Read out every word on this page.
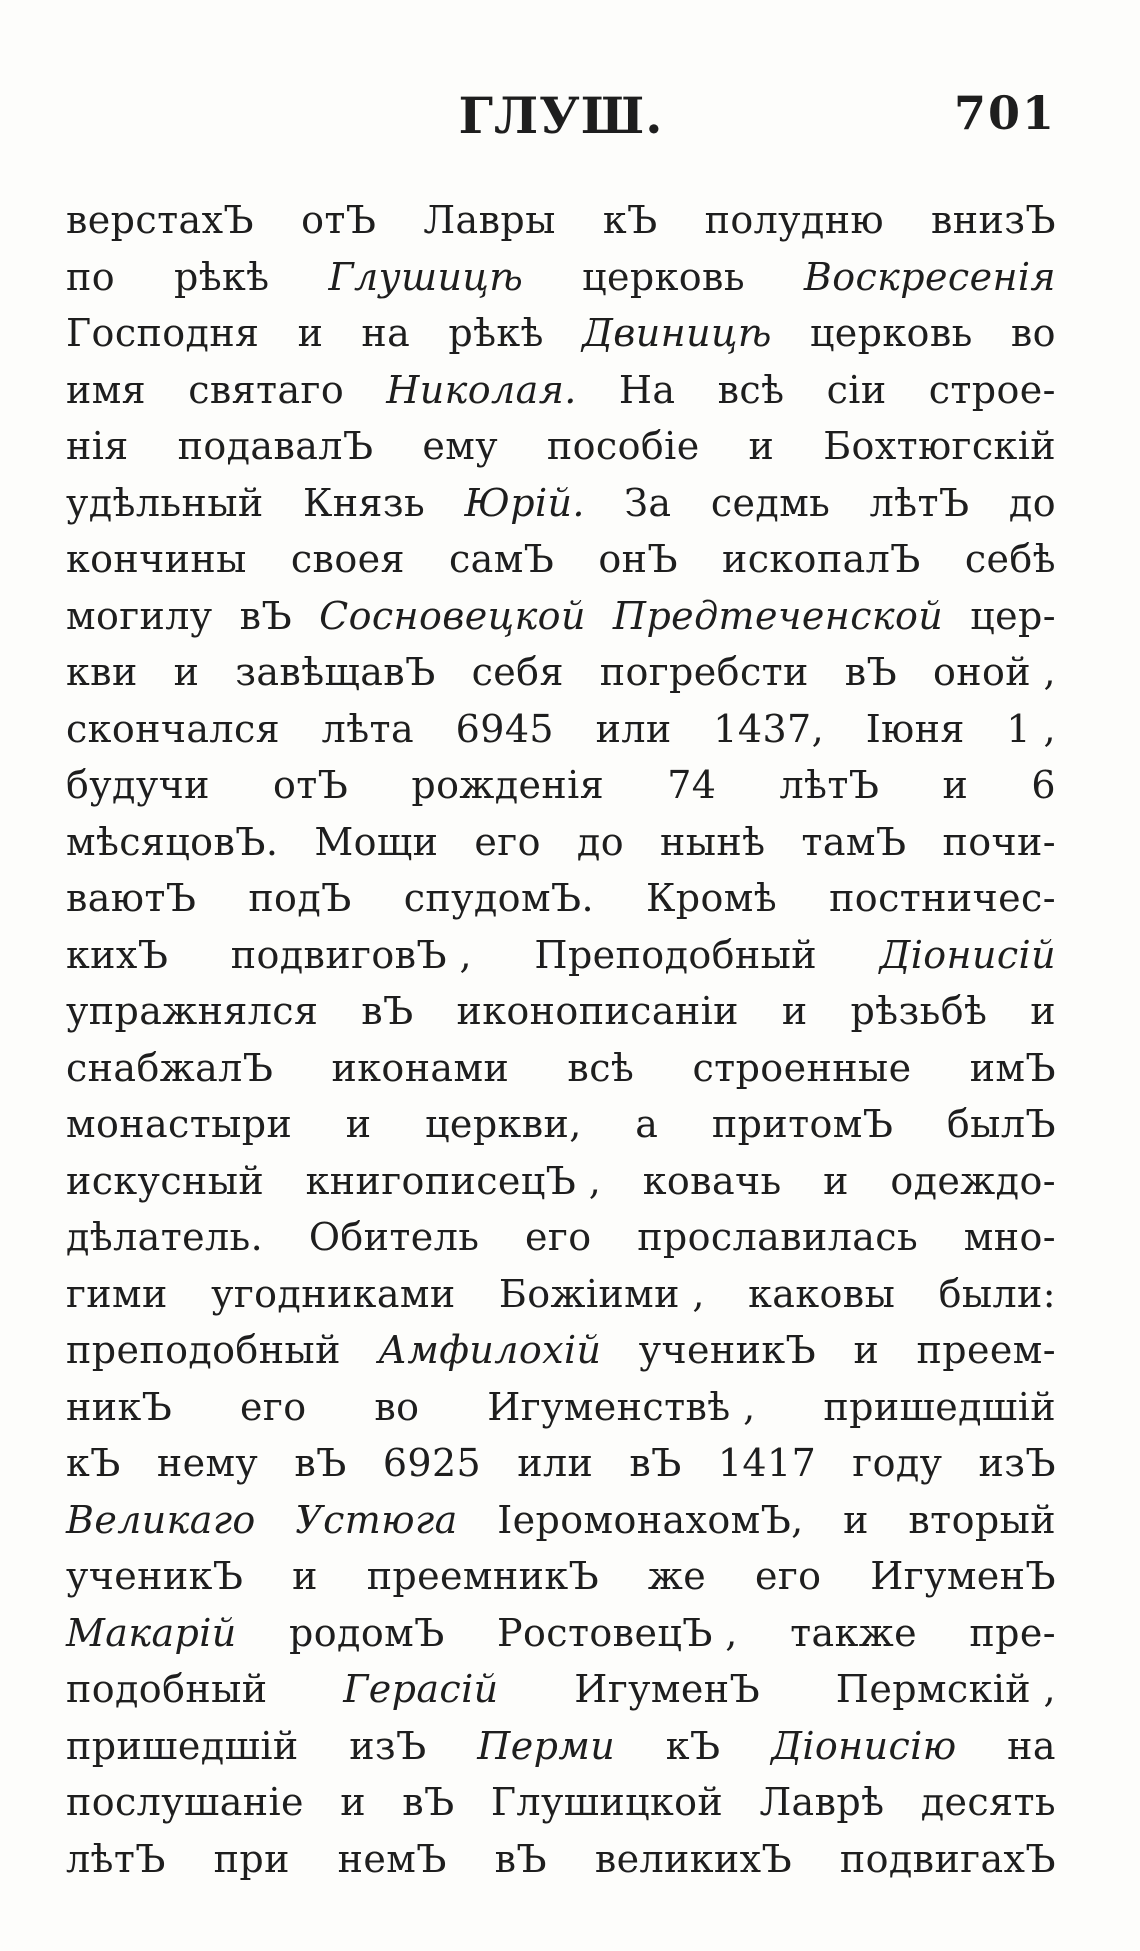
ГЛУШ.	701
верстахЪ отЪ Лавры кЪ полудню внизЪ
по рѣкѣ Глушицѣ церковь Воскресенія
Господня и на рѣкѣ Двиницѣ церковь во
имя святаго Николая. На всѣ сіи строе-
нія подавалЪ ему пособіе и Бохтюгскій
удѣльный Князь Юрій. За седмь лѣтЪ до
кончины своея самЪ онЪ ископалЪ себѣ
могилу вЪ Сосновецкой Предтеченской цер-
кви и завѣщавЪ себя погребсти вЪ оной ,
скончался лѣта 6945 или 1437, Іюня 1 ,
будучи отЪ рожденія 74 лѣтЪ и 6
мѣсяцовЪ. Мощи его до нынѣ тамЪ почи-
ваютЪ подЪ спудомЪ. Кромѣ постничес-
кихЪ подвиговЪ , Преподобный Діонисій
упражнялся вЪ иконописаніи и рѣзьбѣ и
снабжалЪ иконами всѣ строенные имЪ
монастыри и церкви, а притомЪ былЪ
искусный книгописецЪ , ковачь и одеждо-
дѣлатель. Обитель его прославилась мно-
гими угодниками Божіими , каковы были:
преподобный Амфилохій ученикЪ и преем-
никЪ его во Игуменствѣ , пришедшій
кЪ нему вЪ 6925 или вЪ 1417 году изЪ
Великаго Устюга ІеромонахомЪ, и вторый
ученикЪ и преемникЪ же его ИгуменЪ
Макарій родомЪ РостовецЪ , также пре-
подобный Герасій ИгуменЪ Пермскій ,
пришедшій изЪ Перми кЪ Діонисію на
послушаніе и вЪ Глушицкой Лаврѣ десять
лѣтЪ при немЪ вЪ великихЪ подвигахЪ
